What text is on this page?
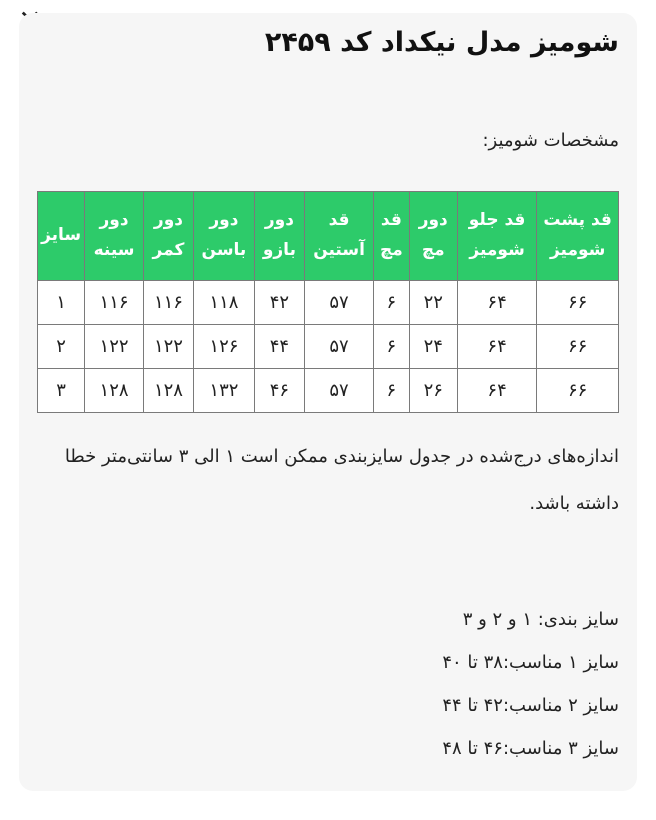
شومیز مدل نیکداد کد ۲۴۵۹
مشخصات شومیز:
قد پشت شومیز	قد جلو شومیز	دور مچ	قد مچ	قد آستین	دور بازو	دور باسن	دور کمر	دور سینه	سایز
۶۶	۶۴	۲۲	۶	۵۷	۴۲	۱۱۸	۱۱۶	۱۱۶	۱
۶۶	۶۴	۲۴	۶	۵۷	۴۴	۱۲۶	۱۲۲	۱۲۲	۲
۶۶	۶۴	۲۶	۶	۵۷	۴۶	۱۳۲	۱۲۸	۱۲۸	۳
اندازه‌های درج‌شده در جدول سایزبندی ممکن است ۱ الی ۳ سانتی‌متر خطا داشته باشد.
سایز بندی: ۱ و ۲ و ۳
سایز ۱ مناسب:۳۸ تا ۴۰
سایز ۲ مناسب:۴۲ تا ۴۴
سایز ۳ مناسب:۴۶ تا ۴۸
